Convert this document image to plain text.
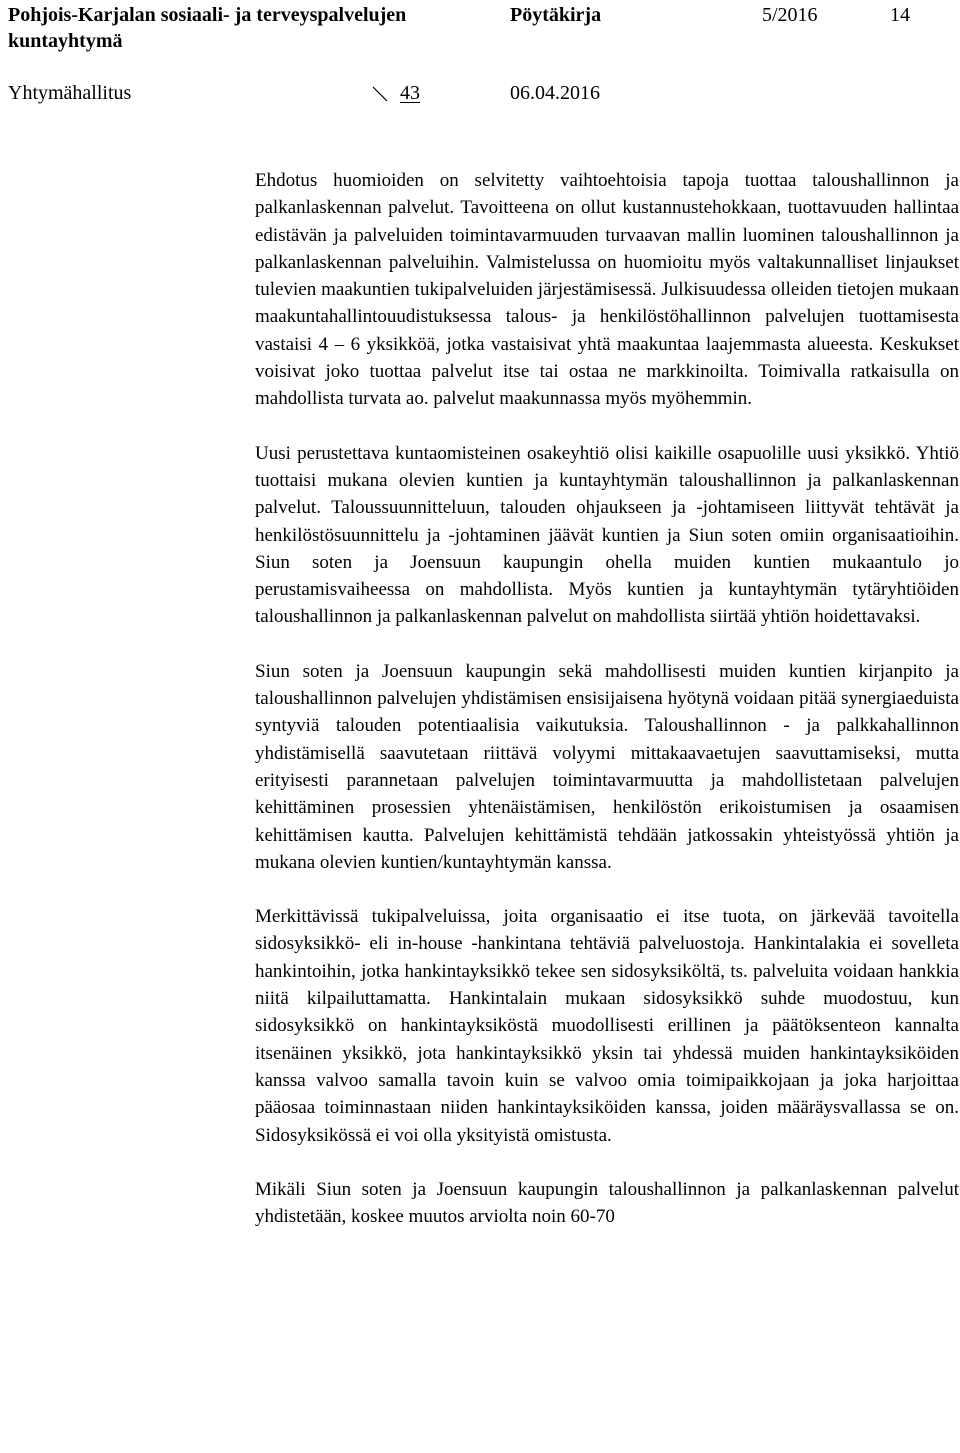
Pohjois-Karjalan sosiaali- ja terveyspalvelujen kuntayhtymä
Pöytäkirja	5/2016	14
Yhtymähallitus	43	06.04.2016

Ehdotus huomioiden on selvitetty vaihtoehtoisia tapoja tuottaa taloushallinnon ja palkanlaskennan palvelut. Tavoitteena on ollut kustannustehokkaan, tuottavuuden hallintaa edistävän ja palveluiden toimintavarmuuden turvaavan mallin luominen taloushallinnon ja palkanlaskennan palveluihin. Valmistelussa on huomioitu myös valtakunnalliset linjaukset tulevien maakuntien tukipalveluiden järjestämisessä. Julkisuudessa olleiden tietojen mukaan maakuntahallintouudistuksessa talous- ja henkilöstöhallinnon palvelujen tuottamisesta vastaisi 4 – 6 yksikköä, jotka vastaisivat yhtä maakuntaa laajemmasta alueesta. Keskukset voisivat joko tuottaa palvelut itse tai ostaa ne markkinoilta. Toimivalla ratkaisulla on mahdollista turvata ao. palvelut maakunnassa myös myöhemmin.

Uusi perustettava kuntaomisteinen osakeyhtiö olisi kaikille osapuolille uusi yksikkö. Yhtiö tuottaisi mukana olevien kuntien ja kuntayhtymän taloushallinnon ja palkanlaskennan palvelut. Taloussuunnitteluun, talouden ohjaukseen ja -johtamiseen liittyvät tehtävät ja henkilöstösuunnittelu ja -johtaminen jäävät kuntien ja Siun soten omiin organisaatioihin. Siun soten ja Joensuun kaupungin ohella muiden kuntien mukaantulo jo perustamisvaiheessa on mahdollista. Myös kuntien ja kuntayhtymän tytäryhtiöiden taloushallinnon ja palkanlaskennan palvelut on mahdollista siirtää yhtiön hoidettavaksi.

Siun soten ja Joensuun kaupungin sekä mahdollisesti muiden kuntien kirjanpito ja taloushallinnon palvelujen yhdistämisen ensisijaisena hyötynä voidaan pitää synergiaeduista syntyviä talouden potentiaalisia vaikutuksia. Taloushallinnon - ja palkkahallinnon yhdistämisellä saavutetaan riittävä volyymi mittakaavaetujen saavuttamiseksi, mutta erityisesti parannetaan palvelujen toimintavarmuutta ja mahdollistetaan palvelujen kehittäminen prosessien yhtenäistämisen, henkilöstön erikoistumisen ja osaamisen kehittämisen kautta. Palvelujen kehittämistä tehdään jatkossakin yhteistyössä yhtiön ja mukana olevien kuntien/kuntayhtymän kanssa.

Merkittävissä tukipalveluissa, joita organisaatio ei itse tuota, on järkevää tavoitella sidosyksikkö- eli in-house -hankintana tehtäviä palveluostoja. Hankintalakia ei sovelleta hankintoihin, jotka hankintayksikkö tekee sen sidosyksiköltä, ts. palveluita voidaan hankkia niitä kilpailuttamatta. Hankintalain mukaan sidosyksikkö suhde muodostuu, kun sidosyksikkö on hankintayksiköstä muodollisesti erillinen ja päätöksenteon kannalta itsenäinen yksikkö, jota hankintayksikkö yksin tai yhdessä muiden hankintayksiköiden kanssa valvoo samalla tavoin kuin se valvoo omia toimipaikkojaan ja joka harjoittaa pääosaa toiminnastaan niiden hankintayksiköiden kanssa, joiden määräysvallassa se on. Sidosyksikössä ei voi olla yksityistä omistusta.

Mikäli Siun soten ja Joensuun kaupungin taloushallinnon ja palkanlaskennan palvelut yhdistetään, koskee muutos arviolta noin 60-70
